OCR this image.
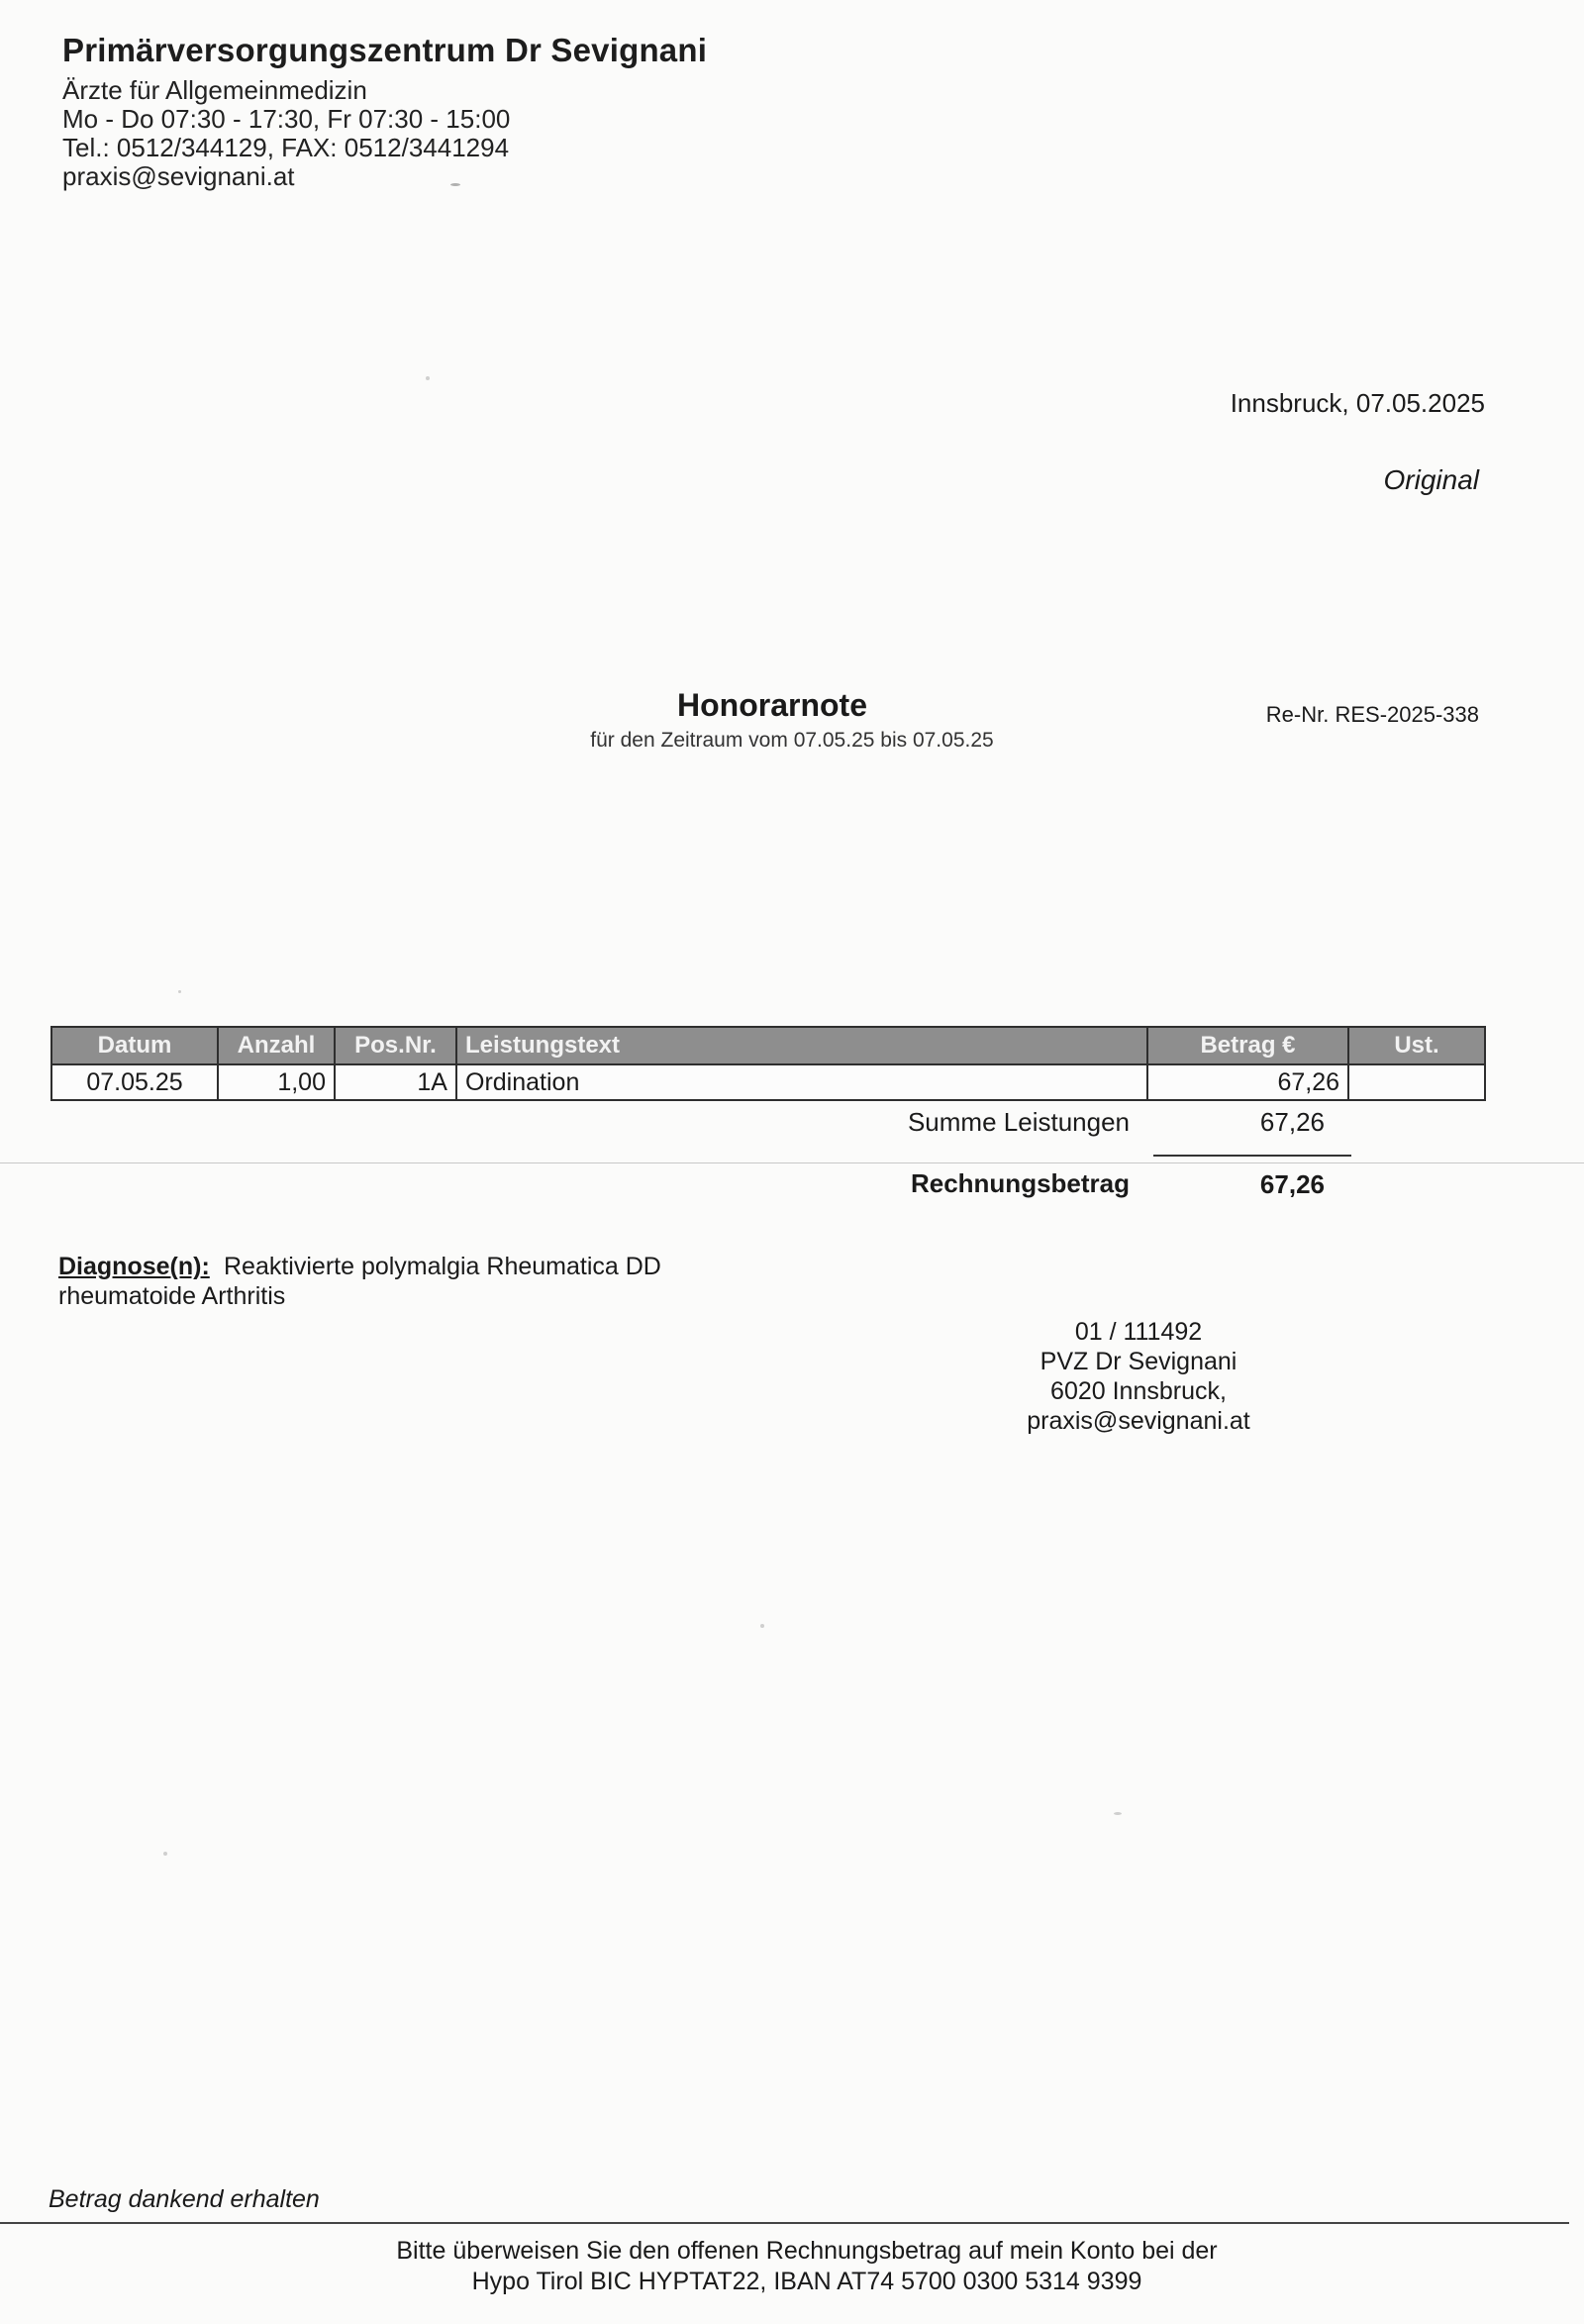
Primärversorgungszentrum Dr Sevignani
Ärzte für Allgemeinmedizin
Mo - Do 07:30 - 17:30, Fr 07:30 - 15:00
Tel.: 0512/344129, FAX: 0512/3441294
praxis@sevignani.at
Innsbruck, 07.05.2025
Original
Honorarnote
für den Zeitraum vom 07.05.25 bis 07.05.25
Re-Nr. RES-2025-338
Datum	Anzahl	Pos.Nr.	Leistungstext	Betrag €	Ust.
07.05.25	1,00	1A	Ordination	67,26	
Summe Leistungen	67,26
Rechnungsbetrag	67,26
Diagnose(n): Reaktivierte polymalgia Rheumatica DD
rheumatoide Arthritis
01 / 111492
PVZ Dr Sevignani
6020 Innsbruck,
praxis@sevignani.at
Betrag dankend erhalten
Bitte überweisen Sie den offenen Rechnungsbetrag auf mein Konto bei der
Hypo Tirol BIC HYPTAT22, IBAN AT74 5700 0300 5314 9399
